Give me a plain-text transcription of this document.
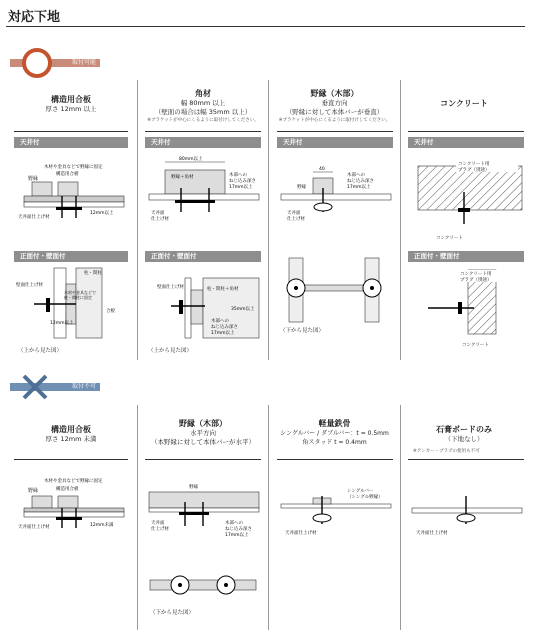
対応下地
取付可能
構造用合板
厚さ 12mm 以上
角材
幅 80mm 以上
（壁面の場合は幅 35mm 以上）
※ブラケットが中心にくるように取付けしてください。
野縁（木部）
垂直方向
（野縁に対して本体バーが垂直）
※ブラケットが中心にくるように取付けしてください。
コンクリート
天井付	天井付	天井付	天井付
正面付・壁面付	正面付・壁面付	正面付・壁面付
野縁
構造用合板
木材や金具などで野縁に固定
天井面仕上げ材
12mm以上
80mm以上
野縁＋角材	木部への
ねじ込み深さ
17mm以上
天井面
仕上げ材
40
野縁
木部への
ねじ込み深さ
17mm以上
天井面
仕上げ材
コンクリート用
プラグ（別途）
コンクリート
壁面仕上げ材
柱・間柱
木材や金具などで
柱・間柱に固定
合板
12mm以上
（上から見た図）
壁面仕上げ材	柱・間柱＋角材
35mm以上
木部への
ねじ込み深さ
17mm以上
（上から見た図）
（下から見た図）
コンクリート用
プラグ（別途）
コンクリート
取付不可
構造用合板
厚さ 12mm 未満
野縁（木部）
水平方向
（本野縁に対して本体バーが水平）
軽量鉄骨
シングルバー / ダブルバー：t = 0.5mm
角スタッド t = 0.4mm
石膏ボードのみ
（下地なし）
※アンカー・プラグの使用も不可
野縁
木材や金具などで野縁に固定
構造用合板
天井面仕上げ材	12mm未満
野縁
天井面
仕上げ材
木部への
ねじ込み深さ
17mm以上
（下から見た図）
シングルバー
（シングル野縁）
天井面仕上げ材	天井面仕上げ材
